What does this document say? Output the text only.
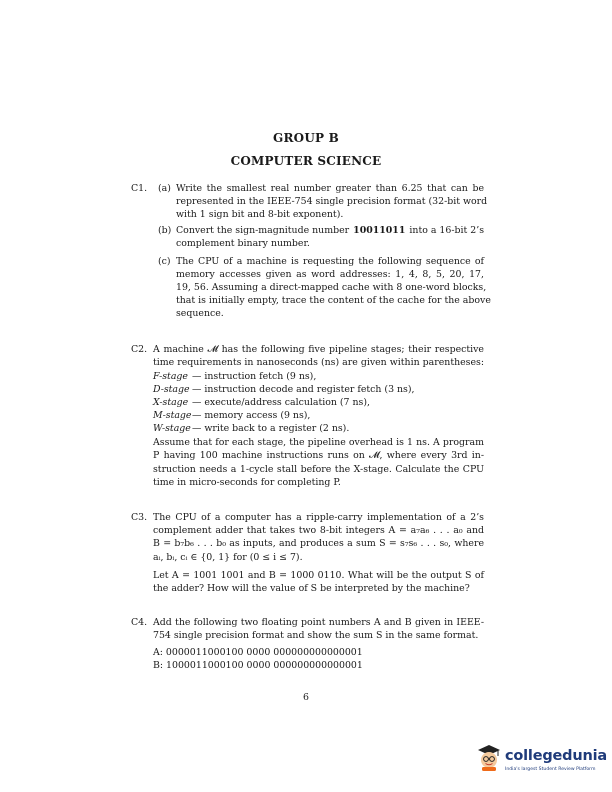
GROUP B
COMPUTER SCIENCE
C1. (a) Write the smallest real number greater than 6.25 that can be
represented in the IEEE-754 single precision format (32-bit word
with 1 sign bit and 8-bit exponent).
(b) Convert the sign-magnitude number 10011011 into a 16-bit 2’s
complement binary number.
(c) The CPU of a machine is requesting the following sequence of
memory accesses given as word addresses: 1, 4, 8, 5, 20, 17,
19, 56. Assuming a direct-mapped cache with 8 one-word blocks,
that is initially empty, trace the content of the cache for the above
sequence.
C2. A machine 𝓜 has the following five pipeline stages; their respective
time requirements in nanoseconds (ns) are given within parentheses:
F-stage — instruction fetch (9 ns),
D-stage — instruction decode and register fetch (3 ns),
X-stage — execute/address calculation (7 ns),
M-stage — memory access (9 ns),
W-stage — write back to a register (2 ns).
Assume that for each stage, the pipeline overhead is 1 ns. A program
P having 100 machine instructions runs on 𝓜, where every 3rd in-
struction needs a 1-cycle stall before the X-stage. Calculate the CPU
time in micro-seconds for completing P.
C3. The CPU of a computer has a ripple-carry implementation of a 2’s
complement adder that takes two 8-bit integers A = a₇a₆ . . . a₀ and
B = b₇b₆ . . . b₀ as inputs, and produces a sum S = s₇s₆ . . . s₀, where
aᵢ, bᵢ, cᵢ ∈ {0, 1} for (0 ≤ i ≤ 7).
Let A = 1001 1001 and B = 1000 0110. What will be the output S of
the adder? How will the value of S be interpreted by the machine?
C4. Add the following two floating point numbers A and B given in IEEE-
754 single precision format and show the sum S in the same format.
A: 0000011000100 0000 000000000000001
B: 1000011000100 0000 000000000000001
6
collegedunia
India's largest Student Review Platform
